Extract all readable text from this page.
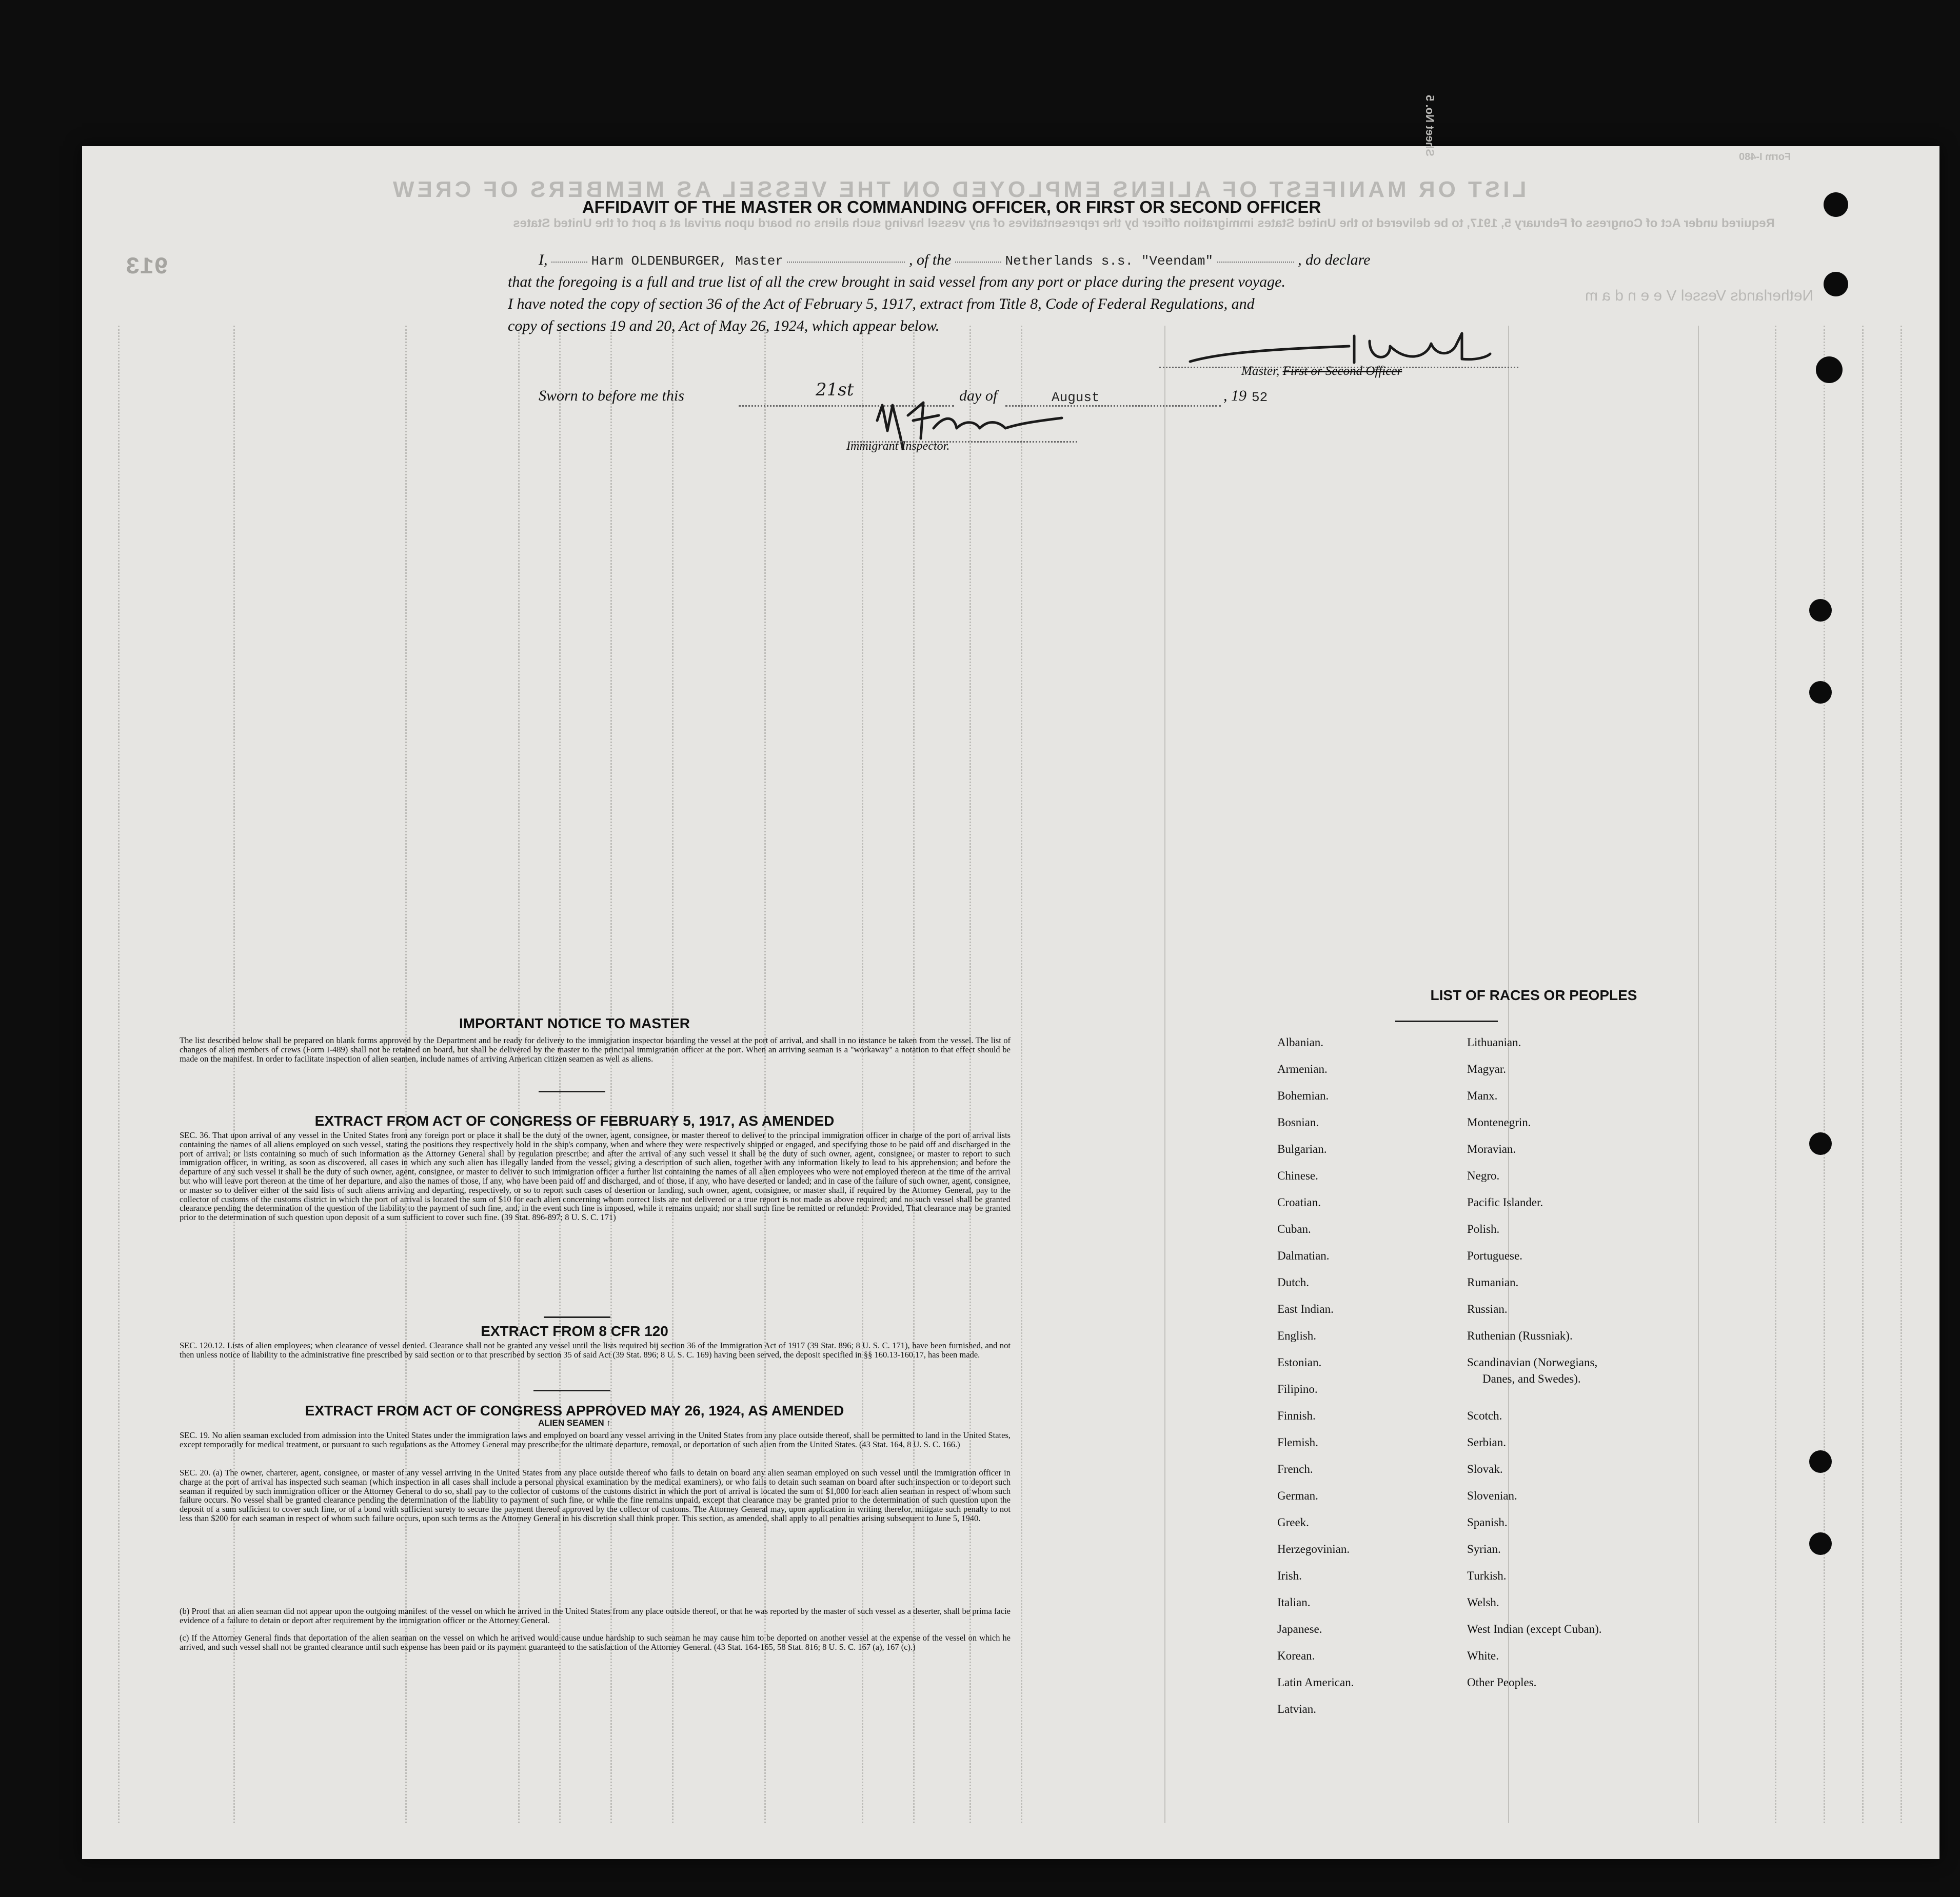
LIST OR MANIFEST OF ALIENS EMPLOYED ON THE VESSEL AS MEMBERS OF CREW
Required under Act of Congress of February 5, 1917, to be delivered to the United States immigration officer by the representatives of any vessel having such aliens on board upon arrival at a port of the United States
Sheet No. 5
Form I-480
913
Netherlands Vessel V e e n d a m
AFFIDAVIT OF THE MASTER OR COMMANDING OFFICER, OR FIRST OR SECOND OFFICER
I,	Harm OLDENBURGER, Master	, of the	Netherlands s.s. "Veendam"	, do declare
that the foregoing is a full and true list of all the crew brought in said vessel from any port or place during the present voyage.
I have noted the copy of section 36 of the Act of February 5, 1917, extract from Title 8, Code of Federal Regulations, and
copy of sections 19 and 20, Act of May 26, 1924, which appear below.
Master, First or Second Officer
Sworn to before me this	21st	day of	August	, 19 52
Immigrant Inspector.
IMPORTANT NOTICE TO MASTER
The list described below shall be prepared on blank forms approved by the Department and be ready for delivery to the immigration inspector boarding the vessel at the port of arrival, and shall in no instance be taken from the vessel. The list of changes of alien members of crews (Form I-489) shall not be retained on board, but shall be delivered by the master to the principal immigration officer at the port. When an arriving seaman is a "workaway" a notation to that effect should be made on the manifest. In order to facilitate inspection of alien seamen, include names of arriving American citizen seamen as well as aliens.
EXTRACT FROM ACT OF CONGRESS OF FEBRUARY 5, 1917, AS AMENDED
SEC. 36. That upon arrival of any vessel in the United States from any foreign port or place it shall be the duty of the owner, agent, consignee, or master thereof to deliver to the principal immigration officer in charge of the port of arrival lists containing the names of all aliens employed on such vessel, stating the positions they respectively hold in the ship's company, when and where they were respectively shipped or engaged, and specifying those to be paid off and discharged in the port of arrival; or lists containing so much of such information as the Attorney General shall by regulation prescribe; and after the arrival of any such vessel it shall be the duty of such owner, agent, consignee, or master to report to such immigration officer, in writing, as soon as discovered, all cases in which any such alien has illegally landed from the vessel, giving a description of such alien, together with any information likely to lead to his apprehension; and before the departure of any such vessel it shall be the duty of such owner, agent, consignee, or master to deliver to such immigration officer a further list containing the names of all alien employees who were not employed thereon at the time of the arrival but who will leave port thereon at the time of her departure, and also the names of those, if any, who have been paid off and discharged, and of those, if any, who have deserted or landed; and in case of the failure of such owner, agent, consignee, or master so to deliver either of the said lists of such aliens arriving and departing, respectively, or so to report such cases of desertion or landing, such owner, agent, consignee, or master shall, if required by the Attorney General, pay to the collector of customs of the customs district in which the port of arrival is located the sum of $10 for each alien concerning whom correct lists are not delivered or a true report is not made as above required; and no such vessel shall be granted clearance pending the determination of the question of the liability to the payment of such fine, and, in the event such fine is imposed, while it remains unpaid; nor shall such fine be remitted or refunded: Provided, That clearance may be granted prior to the determination of such question upon deposit of a sum sufficient to cover such fine. (39 Stat. 896-897; 8 U. S. C. 171)
EXTRACT FROM 8 CFR 120
SEC. 120.12. Lists of alien employees; when clearance of vessel denied. Clearance shall not be granted any vessel until the lists required bij section 36 of the Immigration Act of 1917 (39 Stat. 896; 8 U. S. C. 171), have been furnished, and not then unless notice of liability to the administrative fine prescribed by said section or to that prescribed by section 35 of said Act (39 Stat. 896; 8 U. S. C. 169) having been served, the deposit specified in §§ 160.13-160.17, has been made.
EXTRACT FROM ACT OF CONGRESS APPROVED MAY 26, 1924, AS AMENDED
ALIEN SEAMEN ↑
SEC. 19. No alien seaman excluded from admission into the United States under the immigration laws and employed on board any vessel arriving in the United States from any place outside thereof, shall be permitted to land in the United States, except temporarily for medical treatment, or pursuant to such regulations as the Attorney General may prescribe for the ultimate departure, removal, or deportation of such alien from the United States. (43 Stat. 164, 8 U. S. C. 166.)
SEC. 20. (a) The owner, charterer, agent, consignee, or master of any vessel arriving in the United States from any place outside thereof who fails to detain on board any alien seaman employed on such vessel until the immigration officer in charge at the port of arrival has inspected such seaman (which inspection in all cases shall include a personal physical examination by the medical examiners), or who fails to detain such seaman on board after such inspection or to deport such seaman if required by such immigration officer or the Attorney General to do so, shall pay to the collector of customs of the customs district in which the port of arrival is located the sum of $1,000 for each alien seaman in respect of whom such failure occurs. No vessel shall be granted clearance pending the determination of the liability to payment of such fine, or while the fine remains unpaid, except that clearance may be granted prior to the determination of such question upon the deposit of a sum sufficient to cover such fine, or of a bond with sufficient surety to secure the payment thereof approved by the collector of customs. The Attorney General may, upon application in writing therefor, mitigate such penalty to not less than $200 for each seaman in respect of whom such failure occurs, upon such terms as the Attorney General in his discretion shall think proper. This section, as amended, shall apply to all penalties arising subsequent to June 5, 1940.
(b) Proof that an alien seaman did not appear upon the outgoing manifest of the vessel on which he arrived in the United States from any place outside thereof, or that he was reported by the master of such vessel as a deserter, shall be prima facie evidence of a failure to detain or deport after requirement by the immigration officer or the Attorney General.
(c) If the Attorney General finds that deportation of the alien seaman on the vessel on which he arrived would cause undue hardship to such seaman he may cause him to be deported on another vessel at the expense of the vessel on which he arrived, and such vessel shall not be granted clearance until such expense has been paid or its payment guaranteed to the satisfaction of the Attorney General. (43 Stat. 164-165, 58 Stat. 816; 8 U. S. C. 167 (a), 167 (c).)
LIST OF RACES OR PEOPLES
Albanian.
Armenian.
Bohemian.
Bosnian.
Bulgarian.
Chinese.
Croatian.
Cuban.
Dalmatian.
Dutch.
East Indian.
English.
Estonian.
Filipino.
Finnish.
Flemish.
French.
German.
Greek.
Herzegovinian.
Irish.
Italian.
Japanese.
Korean.
Latin American.
Latvian.
Lithuanian.
Magyar.
Manx.
Montenegrin.
Moravian.
Negro.
Pacific Islander.
Polish.
Portuguese.
Rumanian.
Russian.
Ruthenian (Russniak).
Scandinavian (Norwegians,
Danes, and Swedes).
Scotch.
Serbian.
Slovak.
Slovenian.
Spanish.
Syrian.
Turkish.
Welsh.
West Indian (except Cuban).
White.
Other Peoples.
